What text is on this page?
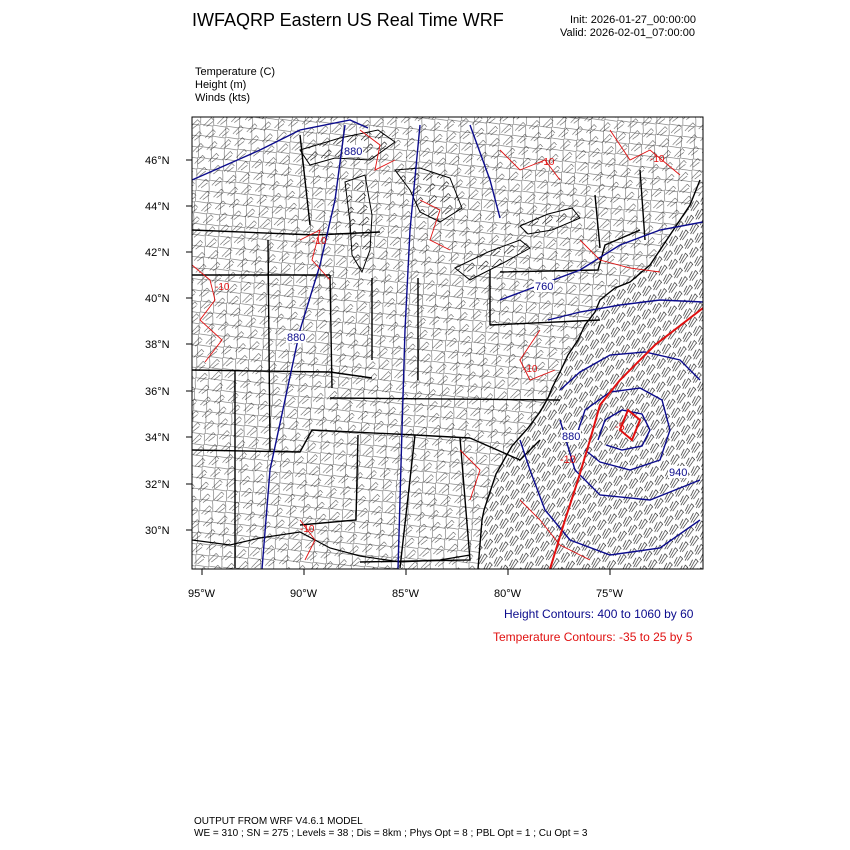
IWFAQRP Eastern US Real Time WRF	Init: 2026-01-27_00:00:00
Valid: 2026-02-01_07:00:00
Temperature (C)
Height (m)
Winds (kts)
880
880
760
880
940
-10
-10
-10
-10
-10
-10
-10
-5
46°N
44°N
42°N
40°N
38°N
36°N
34°N
32°N
30°N
95°W	90°W	85°W	80°W	75°W
Height Contours: 400 to 1060 by 60
Temperature Contours: -35 to 25 by 5
OUTPUT FROM WRF V4.6.1 MODEL
WE = 310 ; SN = 275 ; Levels = 38 ; Dis = 8km ; Phys Opt = 8 ; PBL Opt = 1 ; Cu Opt = 3
